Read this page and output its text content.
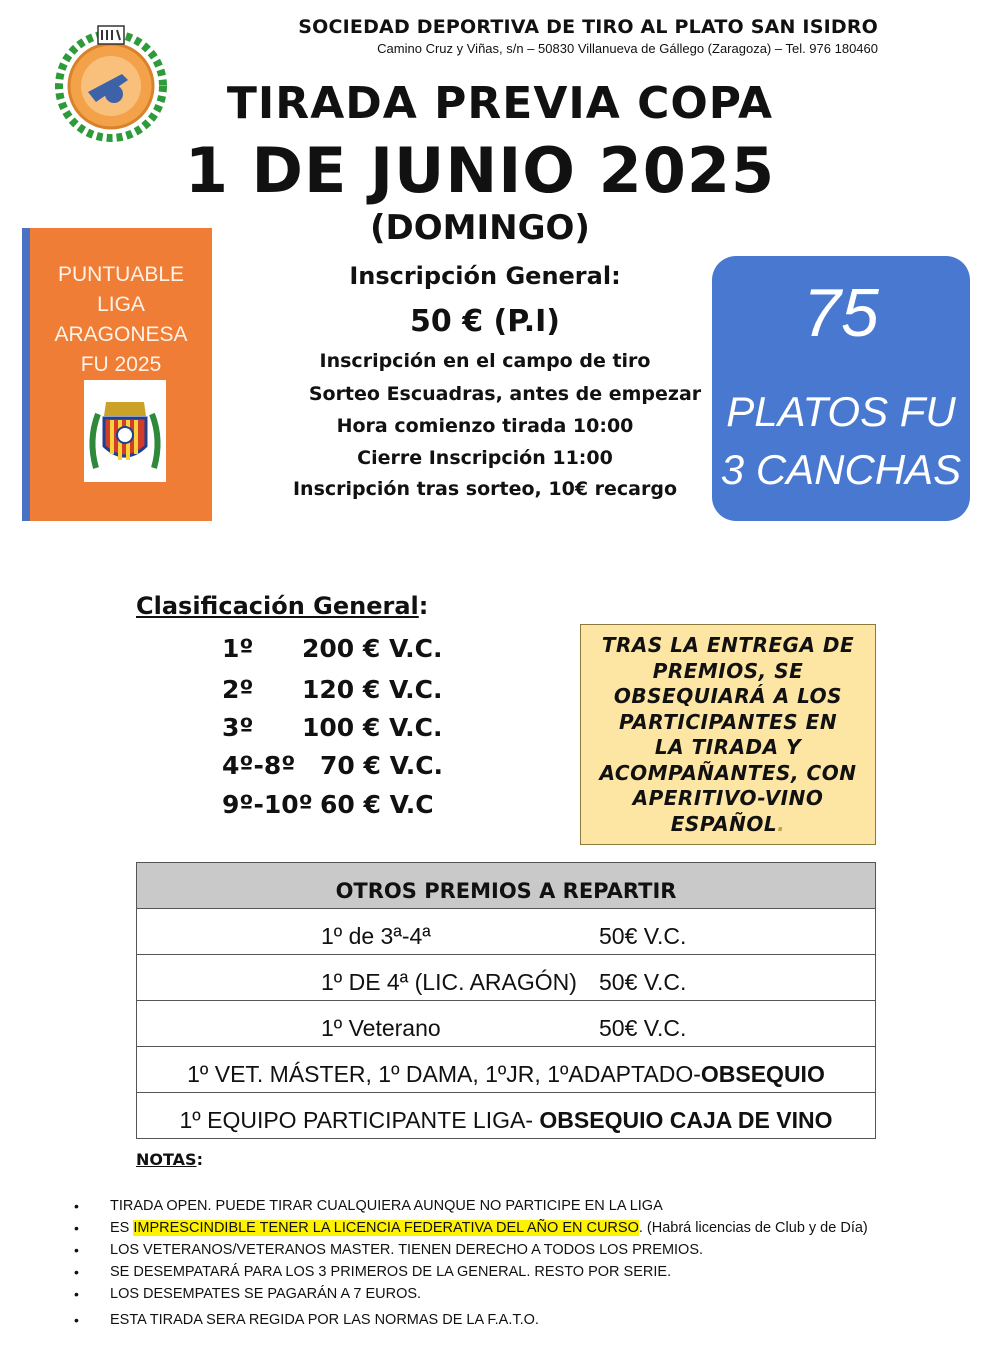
SOCIEDAD DEPORTIVA DE TIRO AL PLATO SAN ISIDRO
Camino Cruz y Viñas, s/n – 50830 Villanueva de Gállego (Zaragoza) – Tel. 976 180460
TIRADA PREVIA COPA
1 DE JUNIO 2025
(DOMINGO)
PUNTUABLE
LIGA
ARAGONESA
FU 2025
Inscripción General:
50 € (P.I)
Inscripción en el campo de tiro
Sorteo Escuadras, antes de empezar
Hora comienzo tirada 10:00
Cierre Inscripción 11:00
Inscripción tras sorteo, 10€ recargo
75
PLATOS FU
3 CANCHAS
Clasificación General:
1º 200 € V.C.
2º 120 € V.C.
3º 100 € V.C.
4º-8º 70 € V.C.
9º-10º 60 € V.C
TRAS LA ENTREGA DE
PREMIOS, SE
OBSEQUIARÁ A LOS
PARTICIPANTES EN
LA TIRADA Y
ACOMPAÑANTES, CON
APERITIVO-VINO
ESPAÑOL.
OTROS PREMIOS A REPARTIR
1º de 3ª-4ª	50€ V.C.
1º DE 4ª (LIC. ARAGÓN) 50€ V.C.
1º Veterano	50€ V.C.
1º VET. MÁSTER, 1º DAMA, 1ºJR, 1ºADAPTADO-OBSEQUIO
1º EQUIPO PARTICIPANTE LIGA- OBSEQUIO CAJA DE VINO
NOTAS:
• TIRADA OPEN. PUEDE TIRAR CUALQUIERA AUNQUE NO PARTICIPE EN LA LIGA
• ES IMPRESCINDIBLE TENER LA LICENCIA FEDERATIVA DEL AÑO EN CURSO. (Habrá licencias de Club y de Día)
• LOS VETERANOS/VETERANOS MASTER. TIENEN DERECHO A TODOS LOS PREMIOS.
• SE DESEMPATARÁ PARA LOS 3 PRIMEROS DE LA GENERAL. RESTO POR SERIE.
• LOS DESEMPATES SE PAGARÁN A 7 EUROS.
• ESTA TIRADA SERA REGIDA POR LAS NORMAS DE LA F.A.T.O.
